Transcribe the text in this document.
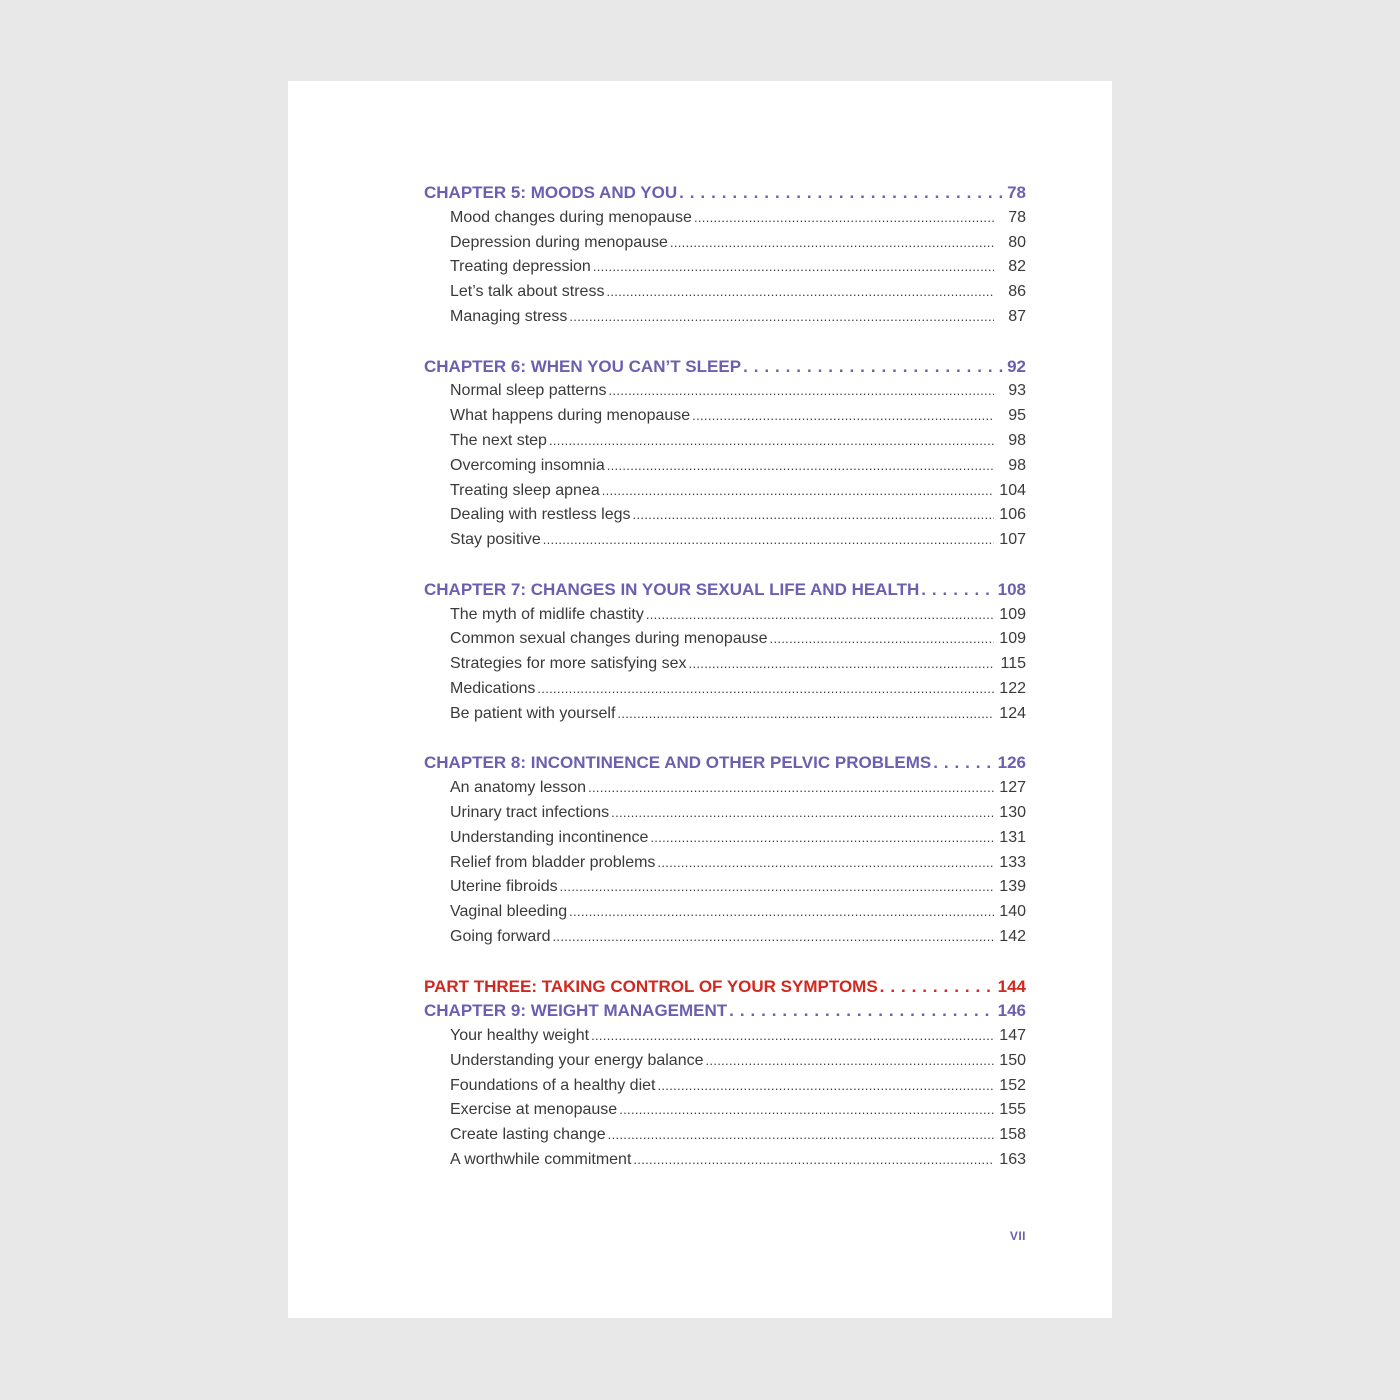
CHAPTER 5: MOODS AND YOU . . .	78
Mood changes during menopause .....	78
Depression during menopause .....	80
Treating depression .....	82
Let’s talk about stress .....	86
Managing stress .....	87
CHAPTER 6: WHEN YOU CAN’T SLEEP . . .	92
Normal sleep patterns .....	93
What happens during menopause .....	95
The next step .....	98
Overcoming insomnia .....	98
Treating sleep apnea .....	104
Dealing with restless legs .....	106
Stay positive .....	107
CHAPTER 7: CHANGES IN YOUR SEXUAL LIFE AND HEALTH . . .	108
The myth of midlife chastity .....	109
Common sexual changes during menopause .....	109
Strategies for more satisfying sex .....	115
Medications .....	122
Be patient with yourself .....	124
CHAPTER 8: INCONTINENCE AND OTHER PELVIC PROBLEMS . . .	126
An anatomy lesson .....	127
Urinary tract infections .....	130
Understanding incontinence .....	131
Relief from bladder problems .....	133
Uterine fibroids .....	139
Vaginal bleeding .....	140
Going forward .....	142
PART THREE: TAKING CONTROL OF YOUR SYMPTOMS . . .	144
CHAPTER 9: WEIGHT MANAGEMENT . . .	146
Your healthy weight .....	147
Understanding your energy balance .....	150
Foundations of a healthy diet .....	152
Exercise at menopause .....	155
Create lasting change .....	158
A worthwhile commitment .....	163
VII
